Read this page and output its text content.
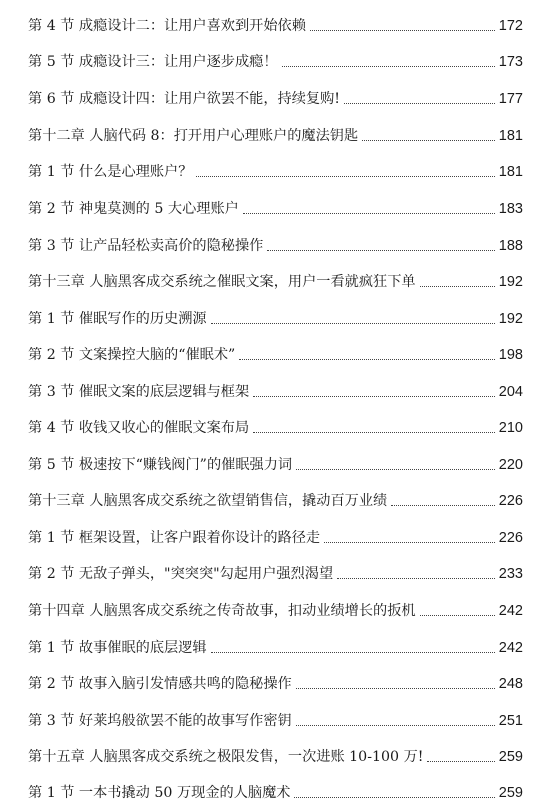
第 4 节 成瘾设计二：让用户喜欢到开始依赖	172
第 5 节 成瘾设计三：让用户逐步成瘾！	173
第 6 节 成瘾设计四：让用户欲罢不能，持续复购!	177
第十二章 人脑代码 8：打开用户心理账户的魔法钥匙	181
第 1 节 什么是心理账户？	181
第 2 节 神鬼莫测的 5 大心理账户	183
第 3 节 让产品轻松卖高价的隐秘操作	188
第十三章 人脑黑客成交系统之催眠文案，用户一看就疯狂下单	192
第 1 节 催眠写作的历史溯源	192
第 2 节 文案操控大脑的“催眠术”	198
第 3 节 催眠文案的底层逻辑与框架	204
第 4 节 收钱又收心的催眠文案布局	210
第 5 节 极速按下“赚钱阀门”的催眠强力词	220
第十三章 人脑黑客成交系统之欲望销售信，撬动百万业绩	226
第 1 节 框架设置，让客户跟着你设计的路径走	226
第 2 节 无敌子弹头，"突突突"勾起用户强烈渴望	233
第十四章 人脑黑客成交系统之传奇故事，扣动业绩增长的扳机	242
第 1 节 故事催眠的底层逻辑	242
第 2 节 故事入脑引发情感共鸣的隐秘操作	248
第 3 节 好莱坞般欲罢不能的故事写作密钥	251
第十五章 人脑黑客成交系统之极限发售，一次进账 10-100 万!	259
第 1 节 一本书撬动 50 万现金的人脑魔术	259
